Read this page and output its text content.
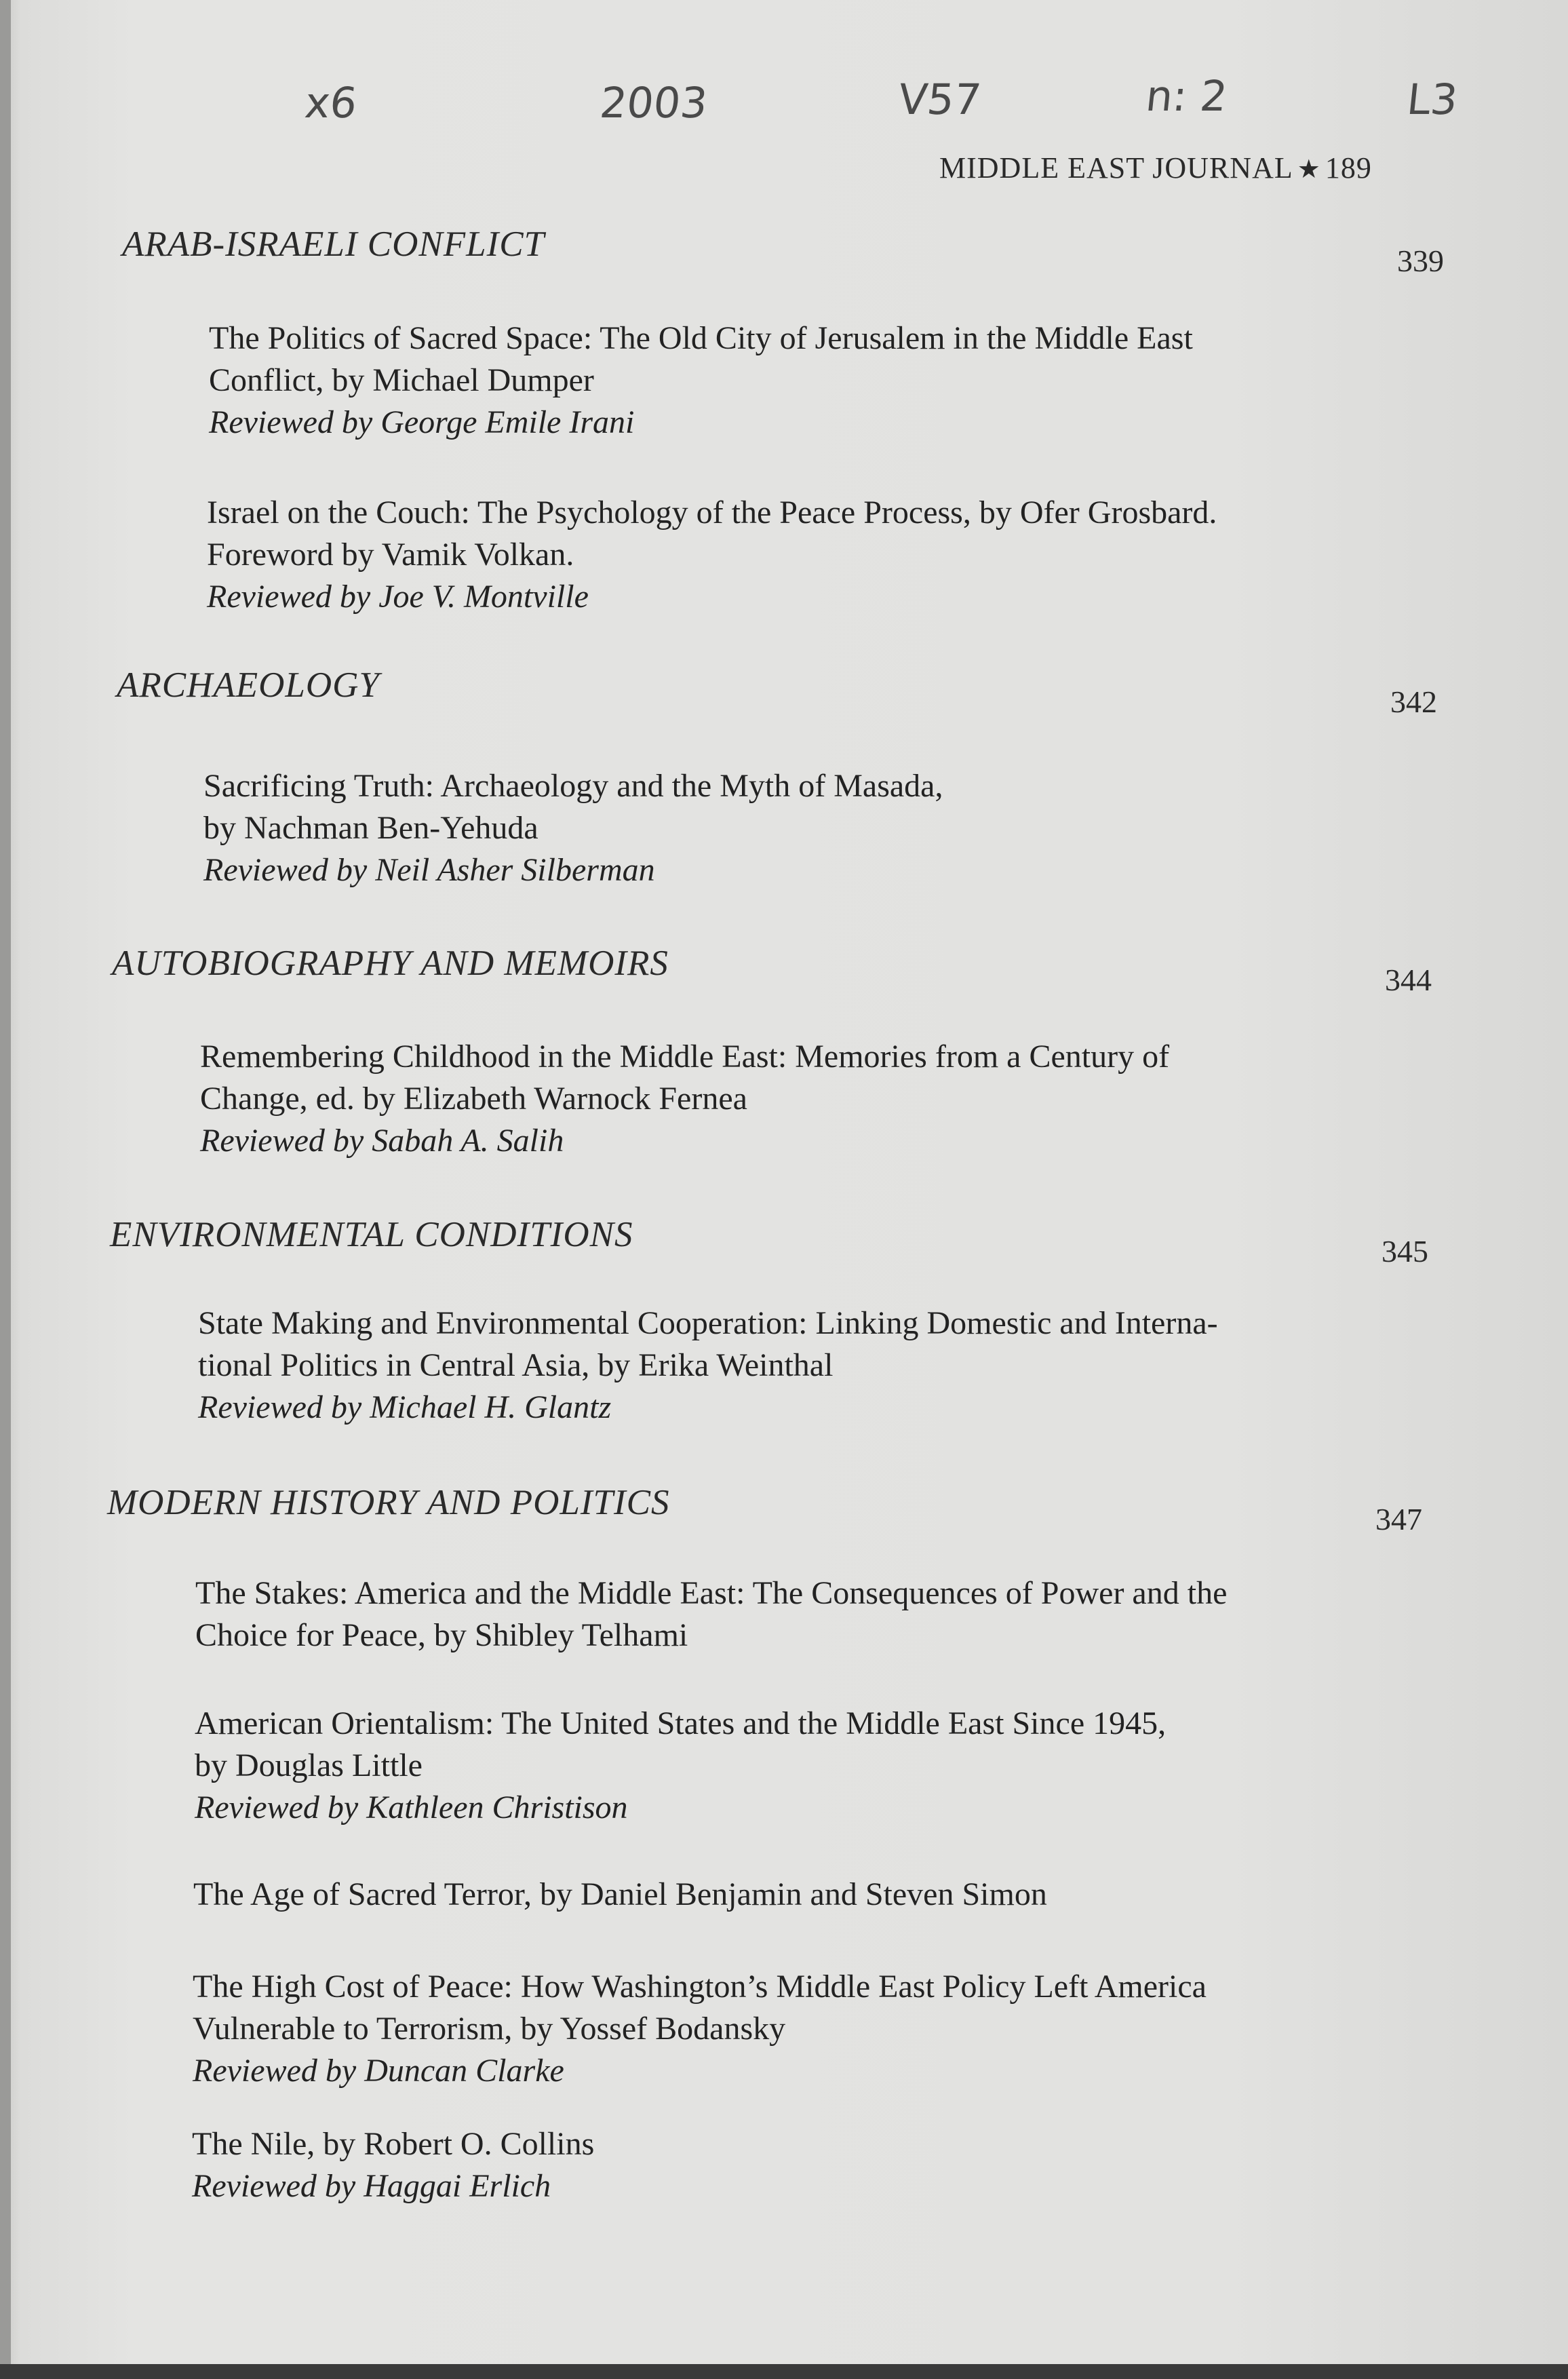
x6	2003	V57	n: 2	L3
MIDDLE EAST JOURNAL ★ 189
ARAB-ISRAELI CONFLICT	339
The Politics of Sacred Space: The Old City of Jerusalem in the Middle East
Conflict, by Michael Dumper
Reviewed by George Emile Irani
Israel on the Couch: The Psychology of the Peace Process, by Ofer Grosbard.
Foreword by Vamik Volkan.
Reviewed by Joe V. Montville
ARCHAEOLOGY	342
Sacrificing Truth: Archaeology and the Myth of Masada,
by Nachman Ben-Yehuda
Reviewed by Neil Asher Silberman
AUTOBIOGRAPHY AND MEMOIRS	344
Remembering Childhood in the Middle East: Memories from a Century of
Change, ed. by Elizabeth Warnock Fernea
Reviewed by Sabah A. Salih
ENVIRONMENTAL CONDITIONS	345
State Making and Environmental Cooperation: Linking Domestic and Interna-
tional Politics in Central Asia, by Erika Weinthal
Reviewed by Michael H. Glantz
MODERN HISTORY AND POLITICS	347
The Stakes: America and the Middle East: The Consequences of Power and the
Choice for Peace, by Shibley Telhami
American Orientalism: The United States and the Middle East Since 1945,
by Douglas Little
Reviewed by Kathleen Christison
The Age of Sacred Terror, by Daniel Benjamin and Steven Simon
The High Cost of Peace: How Washington’s Middle East Policy Left America
Vulnerable to Terrorism, by Yossef Bodansky
Reviewed by Duncan Clarke
The Nile, by Robert O. Collins
Reviewed by Haggai Erlich
